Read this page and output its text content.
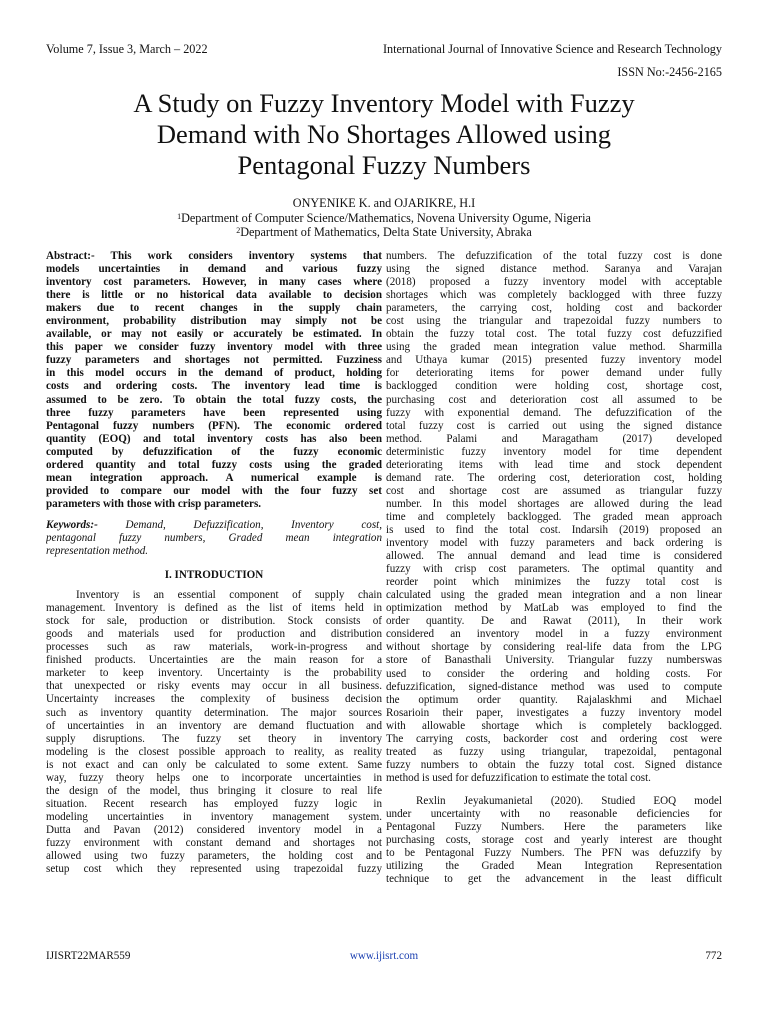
Volume 7, Issue 3, March – 2022	International Journal of Innovative Science and Research Technology
ISSN No:-2456-2165
A Study on Fuzzy Inventory Model with Fuzzy
Demand with No Shortages Allowed using
Pentagonal Fuzzy Numbers
ONYENIKE K. and OJARIKRE, H.I
$^1$Department of Computer Science/Mathematics, Novena University Ogume, Nigeria
$^2$Department of Mathematics, Delta State University, Abraka
Abstract:- This work considers inventory systems that
models uncertainties in demand and various fuzzy
inventory cost parameters. However, in many cases where
there is little or no historical data available to decision
makers due to recent changes in the supply chain
environment, probability distribution may simply not be
available, or may not easily or accurately be estimated. In
this paper we consider fuzzy inventory model with three
fuzzy parameters and shortages not permitted. Fuzziness
in this model occurs in the demand of product, holding
costs and ordering costs. The inventory lead time is
assumed to be zero. To obtain the total fuzzy costs, the
three fuzzy parameters have been represented using
Pentagonal fuzzy numbers (PFN). The economic ordered
quantity (EOQ) and total inventory costs has also been
computed by defuzzification of the fuzzy economic
ordered quantity and total fuzzy costs using the graded
mean integration approach. A numerical example is
provided to compare our model with the four fuzzy set
parameters with those with crisp parameters.
Keywords:- Demand, Defuzzification, Inventory cost,
pentagonal fuzzy numbers, Graded mean integration
representation method.
I. INTRODUCTION
Inventory is an essential component of supply chain
management. Inventory is defined as the list of items held in
stock for sale, production or distribution. Stock consists of
goods and materials used for production and distribution
processes such as raw materials, work-in-progress and
finished products. Uncertainties are the main reason for a
marketer to keep inventory. Uncertainty is the probability
that unexpected or risky events may occur in all business.
Uncertainty increases the complexity of business decision
such as inventory quantity determination. The major sources
of uncertainties in an inventory are demand fluctuation and
supply disruptions. The fuzzy set theory in inventory
modeling is the closest possible approach to reality, as reality
is not exact and can only be calculated to some extent. Same
way, fuzzy theory helps one to incorporate uncertainties in
the design of the model, thus bringing it closure to real life
situation. Recent research has employed fuzzy logic in
modeling uncertainties in inventory management system.
Dutta and Pavan (2012) considered inventory model in a
fuzzy environment with constant demand and shortages not
allowed using two fuzzy parameters, the holding cost and
setup cost which they represented using trapezoidal fuzzy
numbers. The defuzzification of the total fuzzy cost is done
using the signed distance method. Saranya and Varajan
(2018) proposed a fuzzy inventory model with acceptable
shortages which was completely backlogged with three fuzzy
parameters, the carrying cost, holding cost and backorder
cost using the triangular and trapezoidal fuzzy numbers to
obtain the fuzzy total cost. The total fuzzy cost defuzzified
using the graded mean integration value method. Sharmilla
and Uthaya kumar (2015) presented fuzzy inventory model
for deteriorating items for power demand under fully
backlogged condition were holding cost, shortage cost,
purchasing cost and deterioration cost all assumed to be
fuzzy with exponential demand. The defuzzification of the
total fuzzy cost is carried out using the signed distance
method. Palami and Maragatham (2017) developed
deterministic fuzzy inventory model for time dependent
deteriorating items with lead time and stock dependent
demand rate. The ordering cost, deterioration cost, holding
cost and shortage cost are assumed as triangular fuzzy
number. In this model shortages are allowed during the lead
time and completely backlogged. The graded mean approach
is used to find the total cost. Indarsih (2019) proposed an
inventory model with fuzzy parameters and back ordering is
allowed. The annual demand and lead time is considered
fuzzy with crisp cost parameters. The optimal quantity and
reorder point which minimizes the fuzzy total cost is
calculated using the graded mean integration and a non linear
optimization method by MatLab was employed to find the
order quantity. De and Rawat (2011), In their work
considered an inventory model in a fuzzy environment
without shortage by considering real-life data from the LPG
store of Banasthali University. Triangular fuzzy numberswas
used to consider the ordering and holding costs. For
defuzzification, signed-distance method was used to compute
the optimum order quantity. Rajalaskhmi and Michael
Rosarioin their paper, investigates a fuzzy inventory model
with allowable shortage which is completely backlogged.
The carrying costs, backorder cost and ordering cost were
treated as fuzzy using triangular, trapezoidal, pentagonal
fuzzy numbers to obtain the fuzzy total cost. Signed distance
method is used for defuzzification to estimate the total cost.
Rexlin Jeyakumanietal (2020). Studied EOQ model
under uncertainty with no reasonable deficiencies for
Pentagonal Fuzzy Numbers. Here the parameters like
purchasing costs, storage cost and yearly interest are thought
to be Pentagonal Fuzzy Numbers. The PFN was defuzzify by
utilizing the Graded Mean Integration Representation
technique to get the advancement in the least difficult
IJISRT22MAR559	www.ijisrt.com	772
